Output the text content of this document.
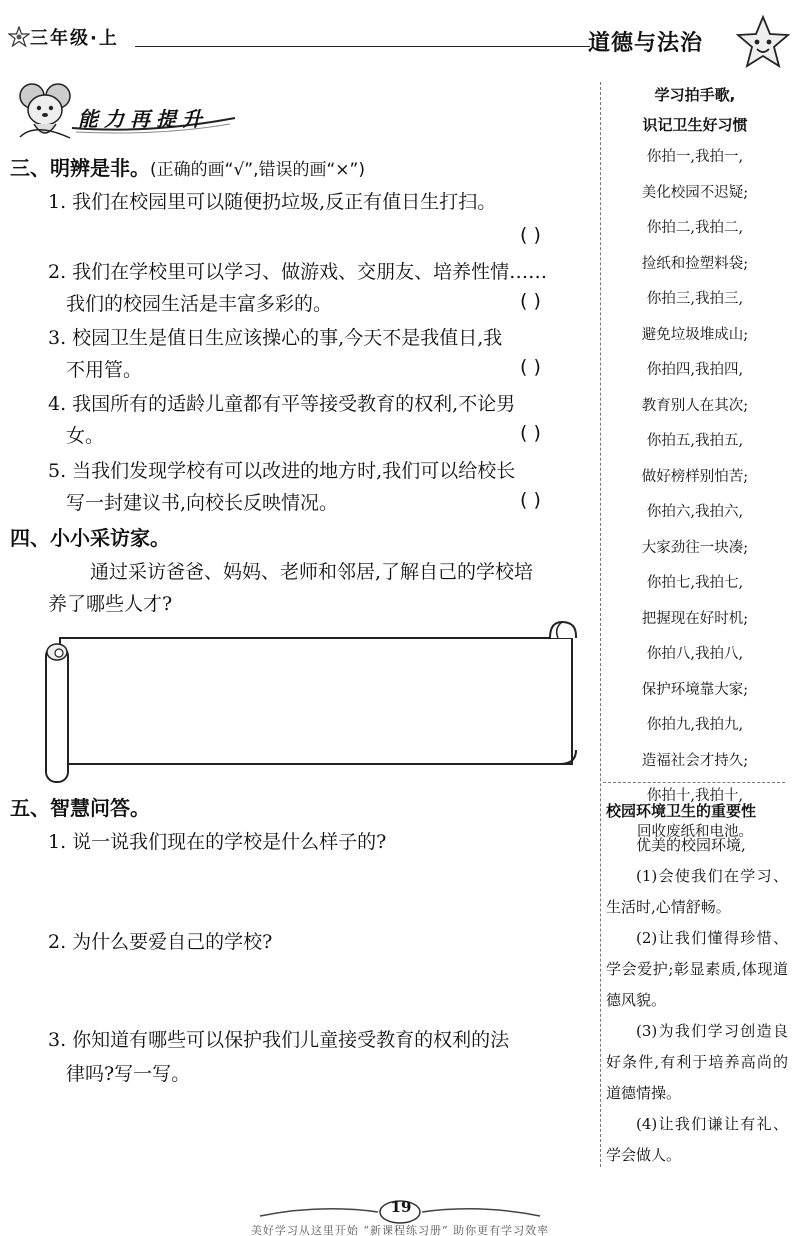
三年级·上	道德与法治
能力再提升
三、明辨是非。(正确的画“√”,错误的画“×”)
1. 我们在校园里可以随便扔垃圾,反正有值日生打扫。
( )
2. 我们在学校里可以学习、做游戏、交朋友、培养性情……
我们的校园生活是丰富多彩的。	( )
3. 校园卫生是值日生应该操心的事,今天不是我值日,我
不用管。	( )
4. 我国所有的适龄儿童都有平等接受教育的权利,不论男
女。	( )
5. 当我们发现学校有可以改进的地方时,我们可以给校长
写一封建议书,向校长反映情况。	( )
四、小小采访家。
通过采访爸爸、妈妈、老师和邻居,了解自己的学校培
养了哪些人才?
五、智慧问答。
1. 说一说我们现在的学校是什么样子的?
2. 为什么要爱自己的学校?
3. 你知道有哪些可以保护我们儿童接受教育的权利的法
律吗?写一写。
学习拍手歌,
识记卫生好习惯
你拍一,我拍一,
美化校园不迟疑;
你拍二,我拍二,
捡纸和捡塑料袋;
你拍三,我拍三,
避免垃圾堆成山;
你拍四,我拍四,
教育别人在其次;
你拍五,我拍五,
做好榜样别怕苦;
你拍六,我拍六,
大家劲往一块凑;
你拍七,我拍七,
把握现在好时机;
你拍八,我拍八,
保护环境靠大家;
你拍九,我拍九,
造福社会才持久;
你拍十,我拍十,
回收废纸和电池。
校园环境卫生的重要性

优美的校园环境,

(1)会使我们在学习、生活时,心情舒畅。

(2)让我们懂得珍惜、学会爱护;彰显素质,体现道德风貌。

(3)为我们学习创造良好条件,有利于培养高尚的道德情操。

(4)让我们谦让有礼、学会做人。

19
美好学习从这里开始 “新课程练习册” 助你更有学习效率
